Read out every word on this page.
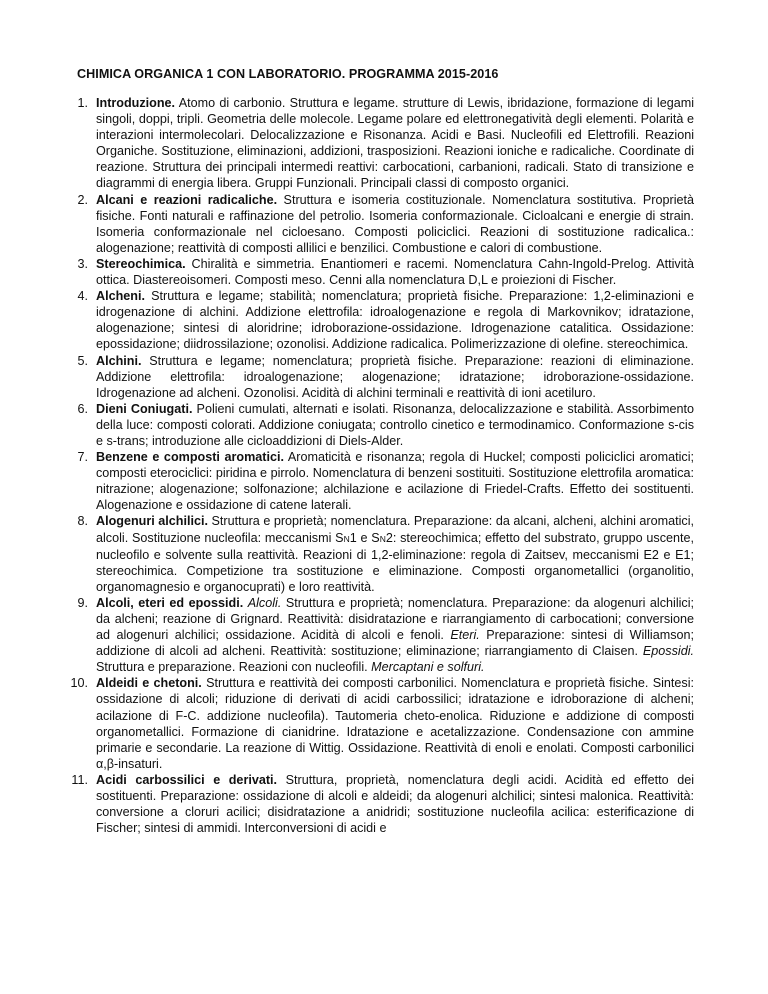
CHIMICA ORGANICA 1 CON LABORATORIO. PROGRAMMA 2015-2016
1. Introduzione. Atomo di carbonio. Struttura e legame. strutture di Lewis, ibridazione, formazione di legami singoli, doppi, tripli. Geometria delle molecole. Legame polare ed elettronegatività degli elementi. Polarità e interazioni intermolecolari. Delocalizzazione e Risonanza. Acidi e Basi. Nucleofili ed Elettrofili. Reazioni Organiche. Sostituzione, eliminazioni, addizioni, trasposizioni. Reazioni ioniche e radicaliche. Coordinate di reazione. Struttura dei principali intermedi reattivi: carbocationi, carbanioni, radicali. Stato di transizione e diagrammi di energia libera. Gruppi Funzionali. Principali classi di composto organici.
2. Alcani e reazioni radicaliche. Struttura e isomeria costituzionale. Nomenclatura sostitutiva. Proprietà fisiche. Fonti naturali e raffinazione del petrolio. Isomeria conformazionale. Cicloalcani e energie di strain. Isomeria conformazionale nel cicloesano. Composti policiclici. Reazioni di sostituzione radicalica.: alogenazione; reattività di composti allilici e benzilici. Combustione e calori di combustione.
3. Stereochimica. Chiralità e simmetria. Enantiomeri e racemi. Nomenclatura Cahn-Ingold-Prelog. Attività ottica. Diastereoisomeri. Composti meso. Cenni alla nomenclatura D,L e proiezioni di Fischer.
4. Alcheni. Struttura e legame; stabilità; nomenclatura; proprietà fisiche. Preparazione: 1,2-eliminazioni e idrogenazione di alchini. Addizione elettrofila: idroalogenazione e regola di Markovnikov; idratazione, alogenazione; sintesi di aloridrine; idroborazione-ossidazione. Idrogenazione catalitica. Ossidazione: epossidazione; diidrossilazione; ozonolisi. Addizione radicalica. Polimerizzazione di olefine. stereochimica.
5. Alchini. Struttura e legame; nomenclatura; proprietà fisiche. Preparazione: reazioni di eliminazione. Addizione elettrofila: idroalogenazione; alogenazione; idratazione; idroborazione-ossidazione. Idrogenazione ad alcheni. Ozonolisi. Acidità di alchini terminali e reattività di ioni acetiluro.
6. Dieni Coniugati. Polieni cumulati, alternati e isolati. Risonanza, delocalizzazione e stabilità. Assorbimento della luce: composti colorati. Addizione coniugata; controllo cinetico e termodinamico. Conformazione s-cis e s-trans; introduzione alle cicloaddizioni di Diels-Alder.
7. Benzene e composti aromatici. Aromaticità e risonanza; regola di Huckel; composti policiclici aromatici; composti eterociclici: piridina e pirrolo. Nomenclatura di benzeni sostituiti. Sostituzione elettrofila aromatica: nitrazione; alogenazione; solfonazione; alchilazione e acilazione di Friedel-Crafts. Effetto dei sostituenti. Alogenazione e ossidazione di catene laterali.
8. Alogenuri alchilici. Struttura e proprietà; nomenclatura. Preparazione: da alcani, alcheni, alchini aromatici, alcoli. Sostituzione nucleofila: meccanismi SN1 e SN2: stereochimica; effetto del substrato, gruppo uscente, nucleofilo e solvente sulla reattività. Reazioni di 1,2-eliminazione: regola di Zaitsev, meccanismi E2 e E1; stereochimica. Competizione tra sostituzione e eliminazione. Composti organometallici (organolitio, organomagnesio e organocuprati) e loro reattività.
9. Alcoli, eteri ed epossidi. Alcoli. Struttura e proprietà; nomenclatura. Preparazione: da alogenuri alchilici; da alcheni; reazione di Grignard. Reattività: disidratazione e riarrangiamento di carbocationi; conversione ad alogenuri alchilici; ossidazione. Acidità di alcoli e fenoli. Eteri. Preparazione: sintesi di Williamson; addizione di alcoli ad alcheni. Reattività: sostituzione; eliminazione; riarrangiamento di Claisen. Epossidi. Struttura e preparazione. Reazioni con nucleofili. Mercaptani e solfuri.
10. Aldeidi e chetoni. Struttura e reattività dei composti carbonilici. Nomenclatura e proprietà fisiche. Sintesi: ossidazione di alcoli; riduzione di derivati di acidi carbossilici; idratazione e idroborazione di alcheni; acilazione di F-C. addizione nucleofila). Tautomeria cheto-enolica. Riduzione e addizione di composti organometallici. Formazione di cianidrine. Idratazione e acetalizzazione. Condensazione con ammine primarie e secondarie. La reazione di Wittig. Ossidazione. Reattività di enoli e enolati. Composti carbonilici α,β-insaturi.
11. Acidi carbossilici e derivati. Struttura, proprietà, nomenclatura degli acidi. Acidità ed effetto dei sostituenti. Preparazione: ossidazione di alcoli e aldeidi; da alogenuri alchilici; sintesi malonica. Reattività: conversione a cloruri acilici; disidratazione a anidridi; sostituzione nucleofila acilica: esterificazione di Fischer; sintesi di ammidi. Interconversioni di acidi e
